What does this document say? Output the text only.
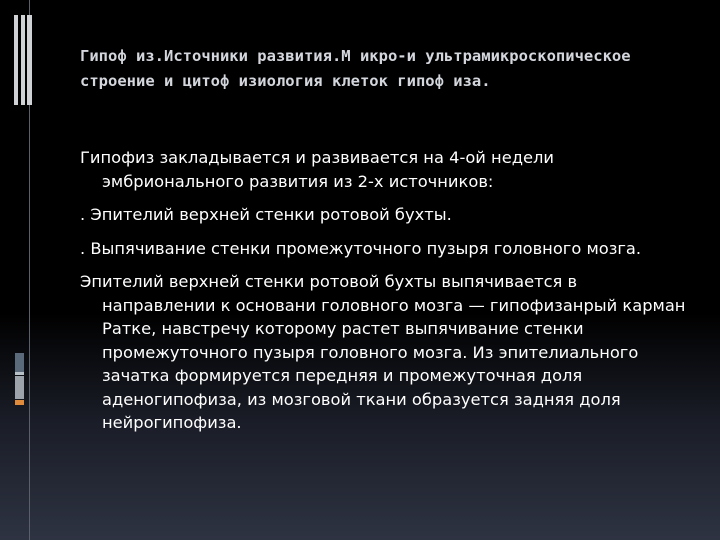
Гипоф из.Источники развития.М икро-и ультрамикроскопическое строение и цитоф изиология клеток гипоф иза.

Гипофиз закладывается и развивается на 4-ой недели эмбрионального развития из 2-х источников:

. Эпителий верхней стенки ротовой бухты.

. Выпячивание стенки промежуточного пузыря головного мозга.

Эпителий верхней стенки ротовой бухты выпячивается в направлении к основани головного мозга — гипофизанрый карман Ратке, навстречу которому растет выпячивание стенки промежуточного пузыря головного мозга. Из эпителиального зачатка формируется передняя и промежуточная доля аденогипофиза, из мозговой ткани образуется задняя доля нейрогипофиза.
